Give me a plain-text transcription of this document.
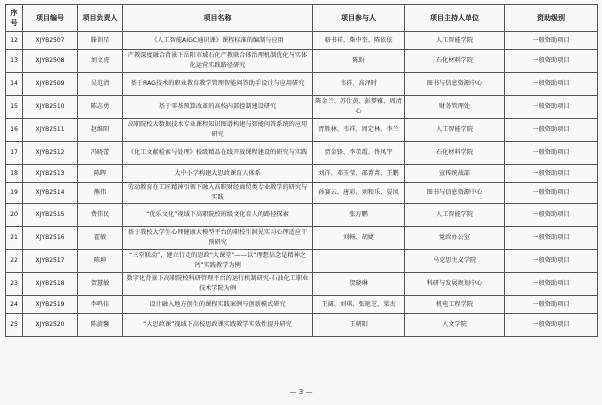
序号	项目编号	项目负责人	项目名称	项目参与人	项目主持人单位	资助级别
12	XJYB2507	滕训星	《人工智能AIGC通识课》课程标准的编制与应用	骆书祥、柴中奎、陈依依	人工智能学院	一般资助项目
13	XJYB2508	刘文虎	产教深度融合背景下岳阳市域石化产教联合体治理机制优化与实体化运营实践路径研究	陈盼	石化材料学院	一般资助项目
14	XJYB2509	吴范清	基于RAG技术的职业教育教学管理智能问答助手设计与应用研究	韦祥、高泽时	图书与信息资源中心	一般资助项目
15	XJYB2510	陈志勇	基于零基预算改革的高校内部控制建设研究	陈金兰、苏仕黄、彭梦雅、周清心	财务管理处	一般资助项目
16	XJYB2511	赵维阳	高职院校大数据技术专业课程知识图谱构建与智能问答系统的应用研究	胥胜林、韦祥、周定林、李兰	人工智能学院	一般资助项目
17	XJYB2512	冯晓蕾	《化工文献检索与处理》校级精品在线开放课程建设的研究与实践	贾金锋、李美霞、佟凤宇	石化材料学院	一般资助项目
18	XJYB2513	陈晖	大中小学构建大思政课育人体系	刘洋、邓玉莹、邵菁菁、王鹏	宣传统战部	一般资助项目
19	XJYB2514	熊伟	劳动教育在工匠精神引领下融入高职财经商贸类专业教学的研究与实践	孙赛云、唐彩、刘和乐、晏凤	图书与信息资源中心	一般资助项目
20	XJYB2515	费伟民	“优乐文化”视域下高职院校班级文化育人的路径探索	张万鹏	人工智能学院	一般资助项目
21	XJYB2516	霍敏	基于我校大学生心理健康大模型平台的职校生洞见实习心理适应干预研究	刘畅、胡婕	党政办公室	一般资助项目
22	XJYB2517	陈坤	“三堂联动”，建立行走的思政“大课堂”——以“理想信念是精神之钙”实践教学为例		马克思主义学院	一般资助项目
23	XJYB2518	贺慧敏	数字化背景下高职院校科研管理平台的运行机制研究-石油化工职业技术学院为例	贺晓琳	科研与发展规划中心	一般资助项目
24	XJYB2519	李鸣佳	设计融入地方创生的课程实践案例与创新模式研究	王阔、刘琪、张艳芝、梁杰	机电工程学院	一般资助项目
25	XJYB2520	陈旋馨	“大思政课”视域下高校思政课实践教学实效性提升研究	王朝阳	人文学院	一般资助项目
— 3 —
